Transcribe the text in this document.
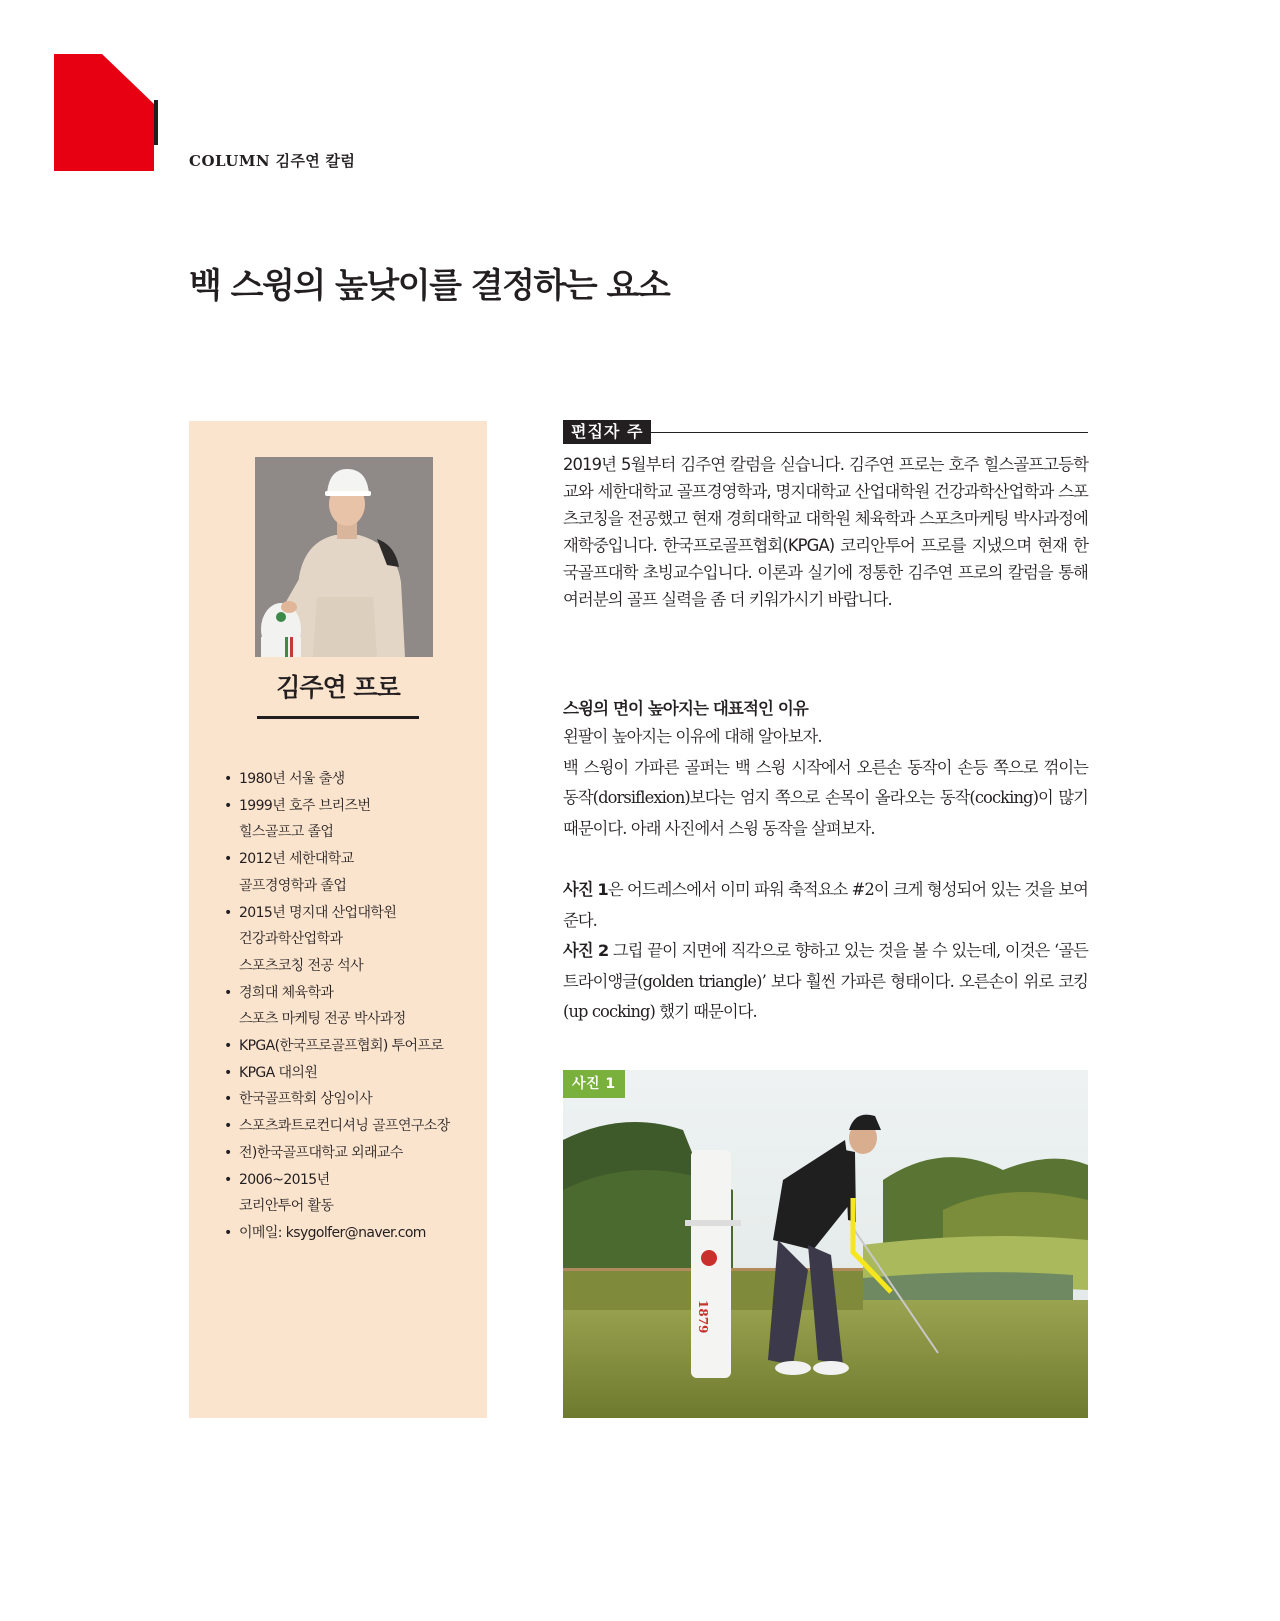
COLUMN 김주연 칼럼
백 스윙의 높낮이를 결정하는 요소
김주연 프로
• 1980년 서울 출생
• 1999년 호주 브리즈번
힐스골프고 졸업
• 2012년 세한대학교
골프경영학과 졸업
• 2015년 명지대 산업대학원
건강과학산업학과
스포츠코칭 전공 석사
• 경희대 체육학과
스포츠 마케팅 전공 박사과정
• KPGA(한국프로골프협회) 투어프로
• KPGA 대의원
• 한국골프학회 상임이사
• 스포츠콰트로컨디셔닝 골프연구소장
• 전)한국골프대학교 외래교수
• 2006~2015년
코리안투어 활동
• 이메일: ksygolfer@naver.com
편집자 주
2019년 5월부터 김주연 칼럼을 싣습니다. 김주연 프로는 호주 힐스골프고등학교와 세한대학교 골프경영학과, 명지대학교 산업대학원 건강과학산업학과 스포츠코칭을 전공했고 현재 경희대학교 대학원 체육학과 스포츠마케팅 박사과정에 재학중입니다. 한국프로골프협회(KPGA) 코리안투어 프로를 지냈으며 현재 한국골프대학 초빙교수입니다. 이론과 실기에 정통한 김주연 프로의 칼럼을 통해 여러분의 골프 실력을 좀 더 키워가시기 바랍니다.
스윙의 면이 높아지는 대표적인 이유
왼팔이 높아지는 이유에 대해 알아보자.
백 스윙이 가파른 골퍼는 백 스윙 시작에서 오른손 동작이 손등 쪽으로 꺾이는 동작(dorsiflexion)보다는 엄지 쪽으로 손목이 올라오는 동작(cocking)이 많기 때문이다. 아래 사진에서 스윙 동작을 살펴보자.
사진 1은 어드레스에서 이미 파워 축적요소 #2이 크게 형성되어 있는 것을 보여준다.
사진 2 그립 끝이 지면에 직각으로 향하고 있는 것을 볼 수 있는데, 이것은 ‘골든 트라이앵글(golden triangle)’ 보다 훨씬 가파른 형태이다. 오른손이 위로 코킹(up cocking) 했기 때문이다.
1879
사진 1
